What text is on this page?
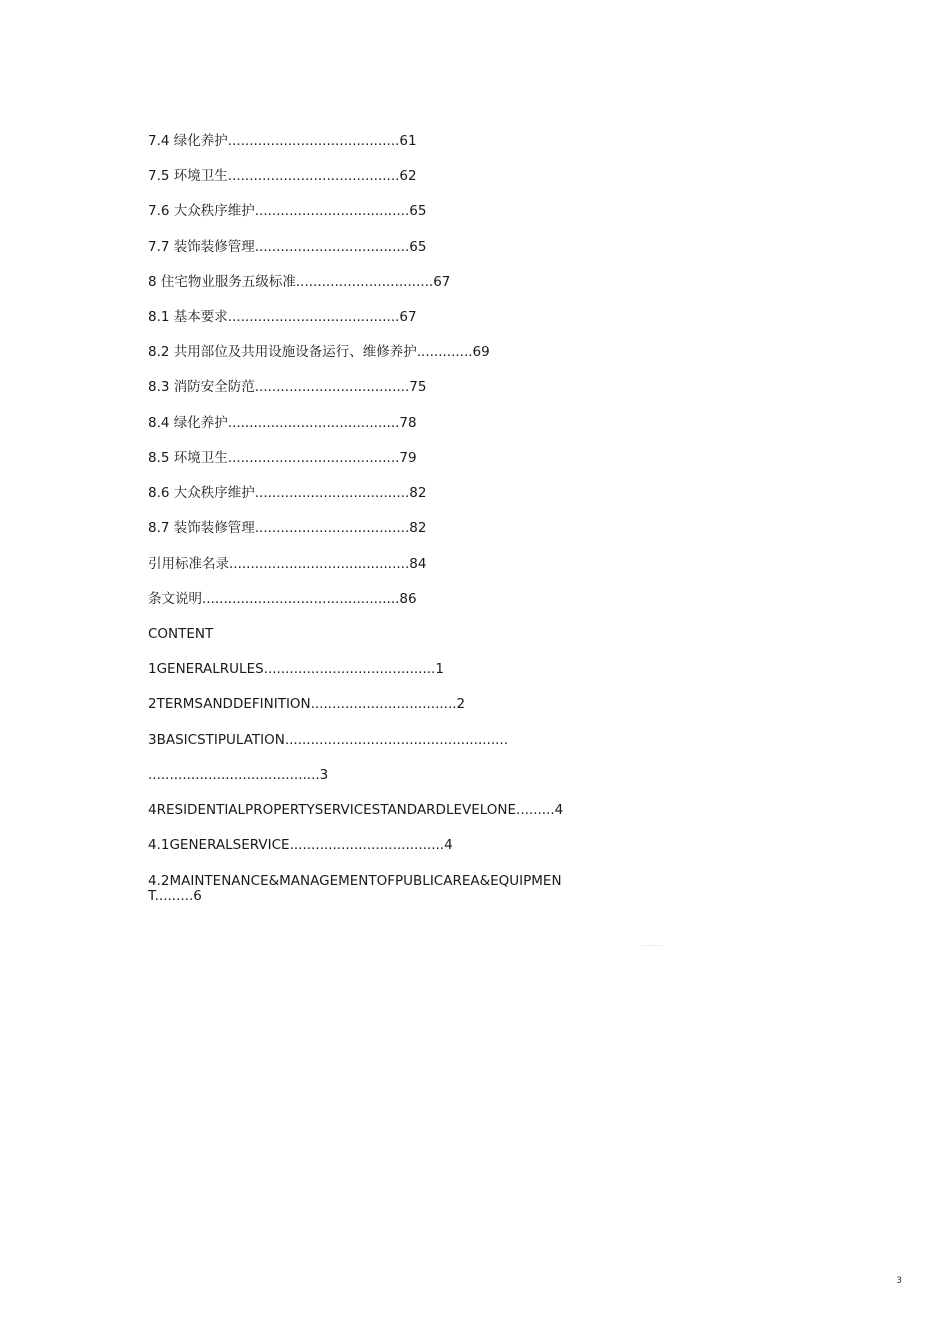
7.4 绿化养护........................................61
7.5 环境卫生........................................62
7.6 大众秩序维护....................................65
7.7 装饰装修管理....................................65
8 住宅物业服务五级标准................................67
8.1 基本要求........................................67
8.2 共用部位及共用设施设备运行、维修养护.............69
8.3 消防安全防范....................................75
8.4 绿化养护........................................78
8.5 环境卫生........................................79
8.6 大众秩序维护....................................82
8.7 装饰装修管理....................................82
引用标准名录..........................................84
条文说明..............................................86
CONTENT
1GENERALRULES........................................1
2TERMSANDDEFINITION..................................2
3BASICSTIPULATION....................................................
........................................3
4RESIDENTIALPROPERTYSERVICESTANDARDLEVELONE.........4
4.1GENERALSERVICE....................................4
4.2MAINTENANCE&MANAGEMENTOFPUBLICAREA&EQUIPMENT.........6
..........
3
